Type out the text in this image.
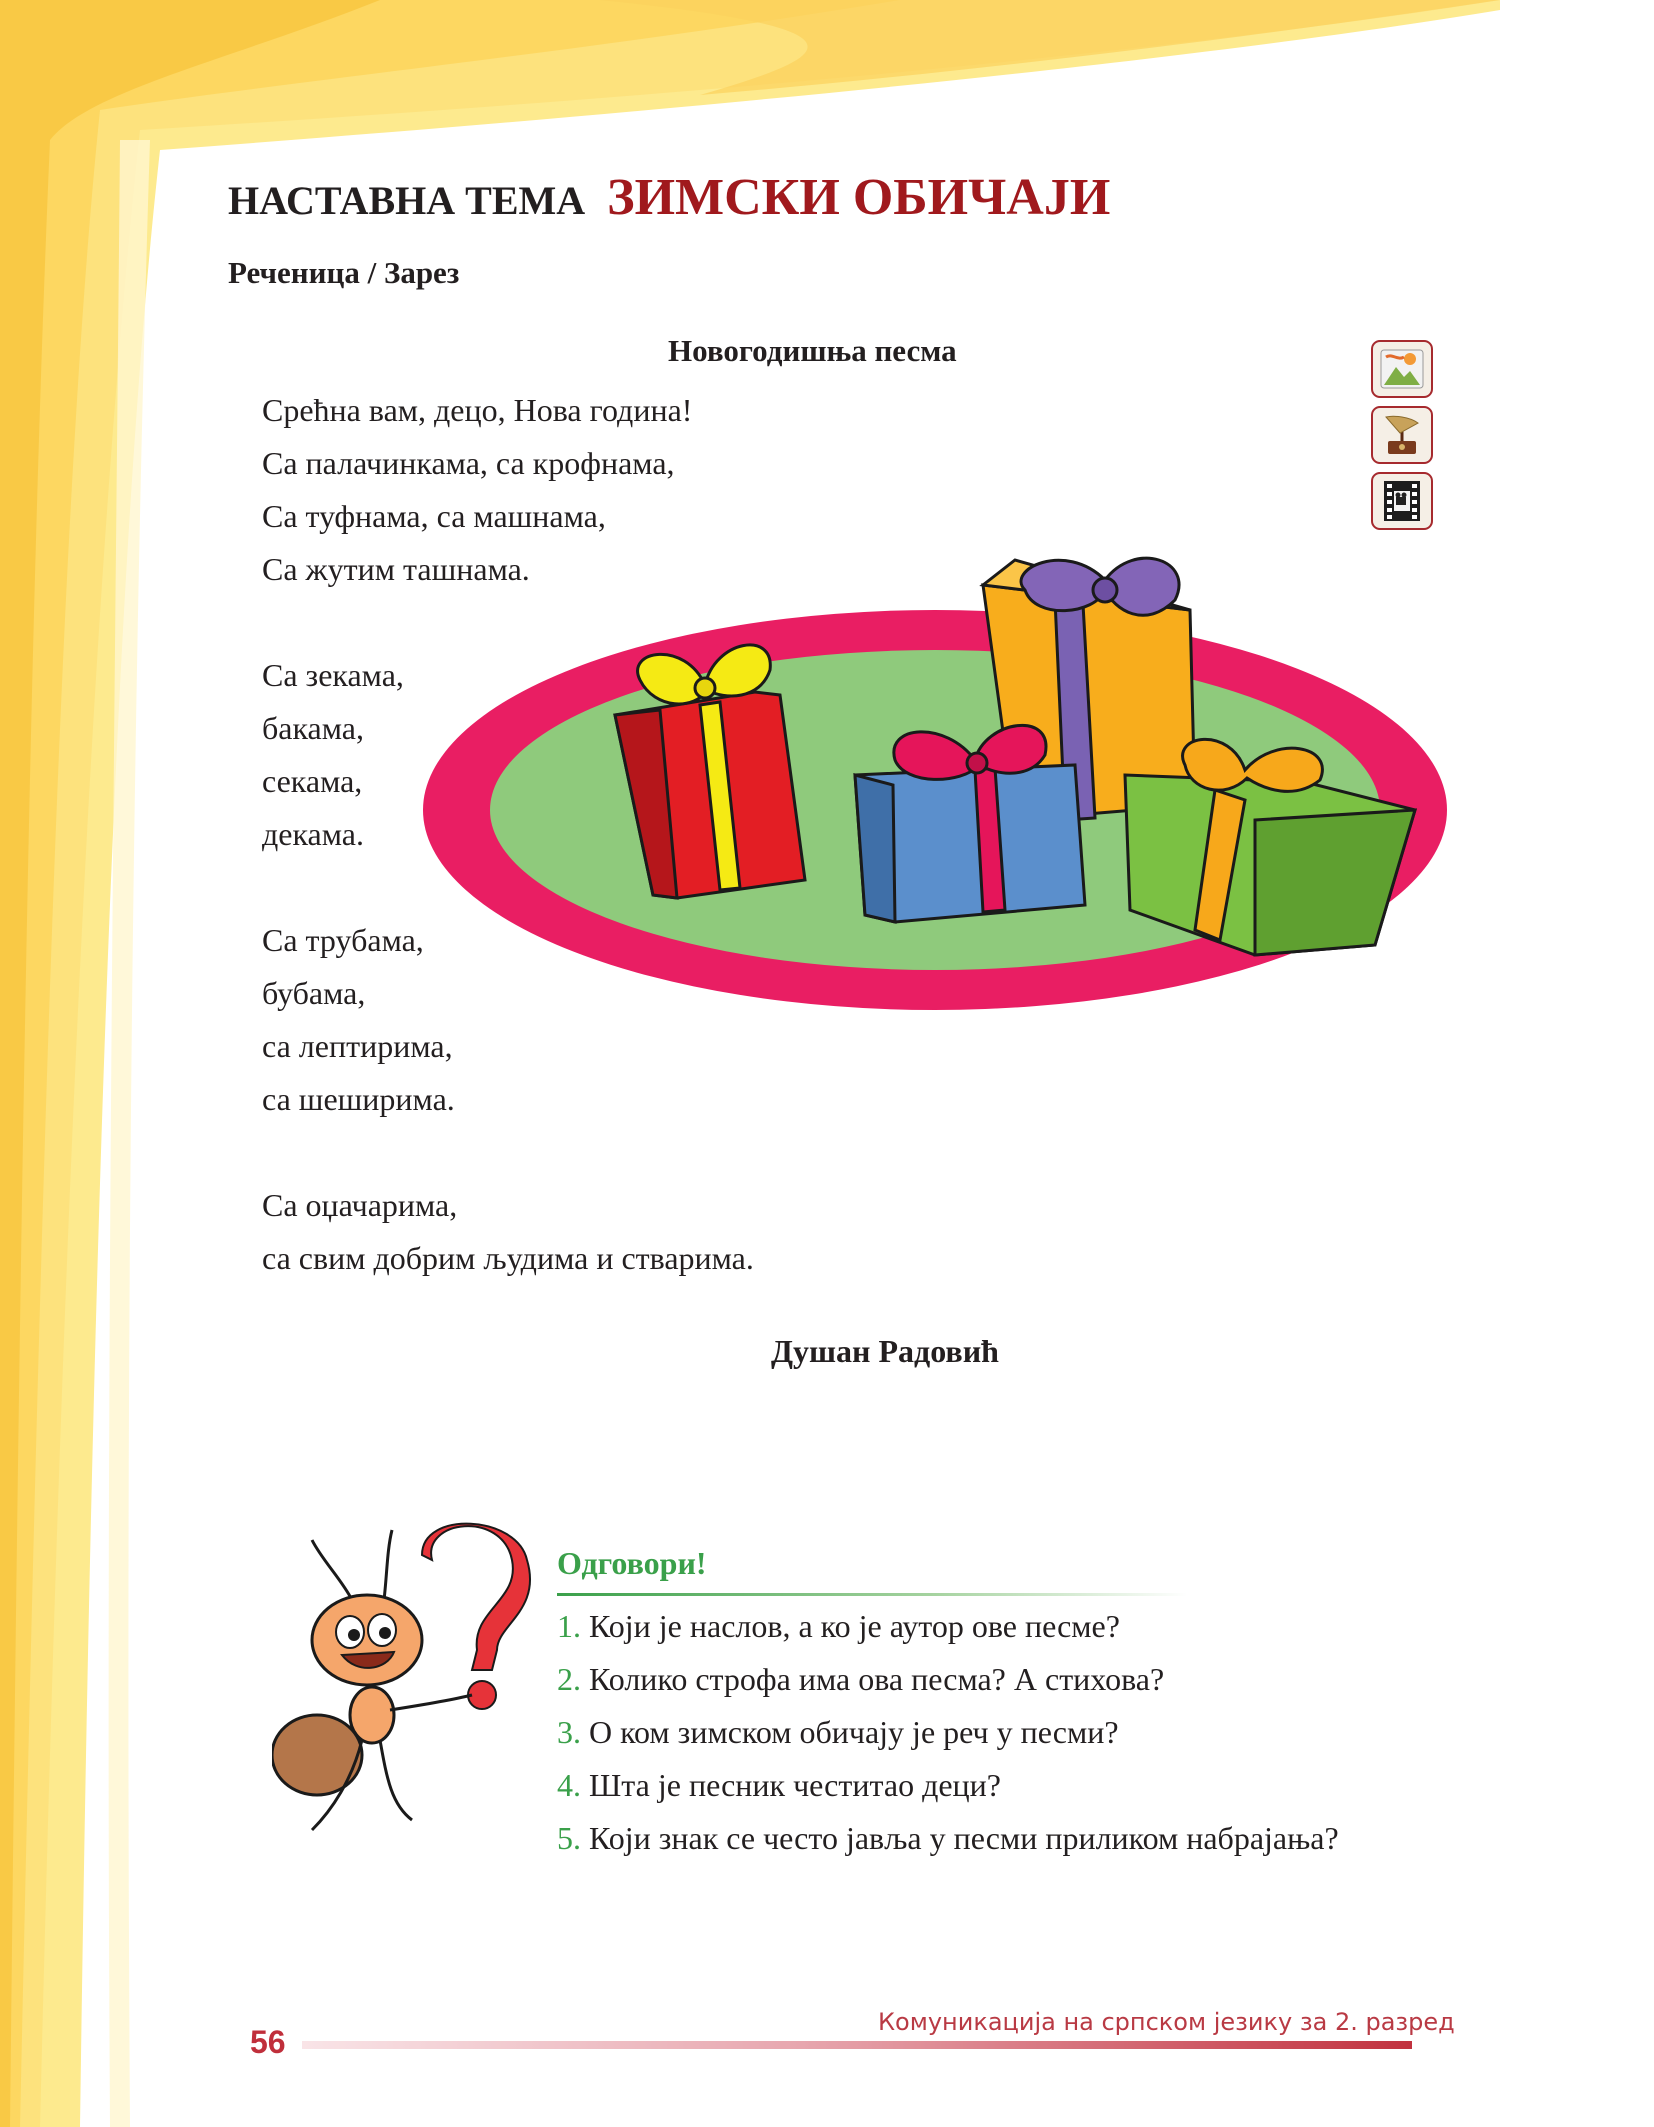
НАСТАВНА ТЕМА ЗИМСКИ ОБИЧАЈИ
Реченица / Зарез
Новогодишња песма
Срећна вам, децо, Нова година!
Са палачинкама, са крофнама,
Са туфнама, са машнама,
Са жутим ташнама.
Са зекама,
бакама,
секама,
декама.
Са трубама,
бубама,
са лептирима,
са шеширима.
Са оџачарима,
са свим добрим људима и стварима.
Душан Радовић
Одговори!
1. Који је наслов, а ко је аутор ове песме?
2. Колико строфа има ова песма? А стихова?
3. О ком зимском обичају је реч у песми?
4. Шта је песник честитао деци?
5. Који знак се често јавља у песми приликом набрајања?
Комуникација на српском језику за 2. разред
56
